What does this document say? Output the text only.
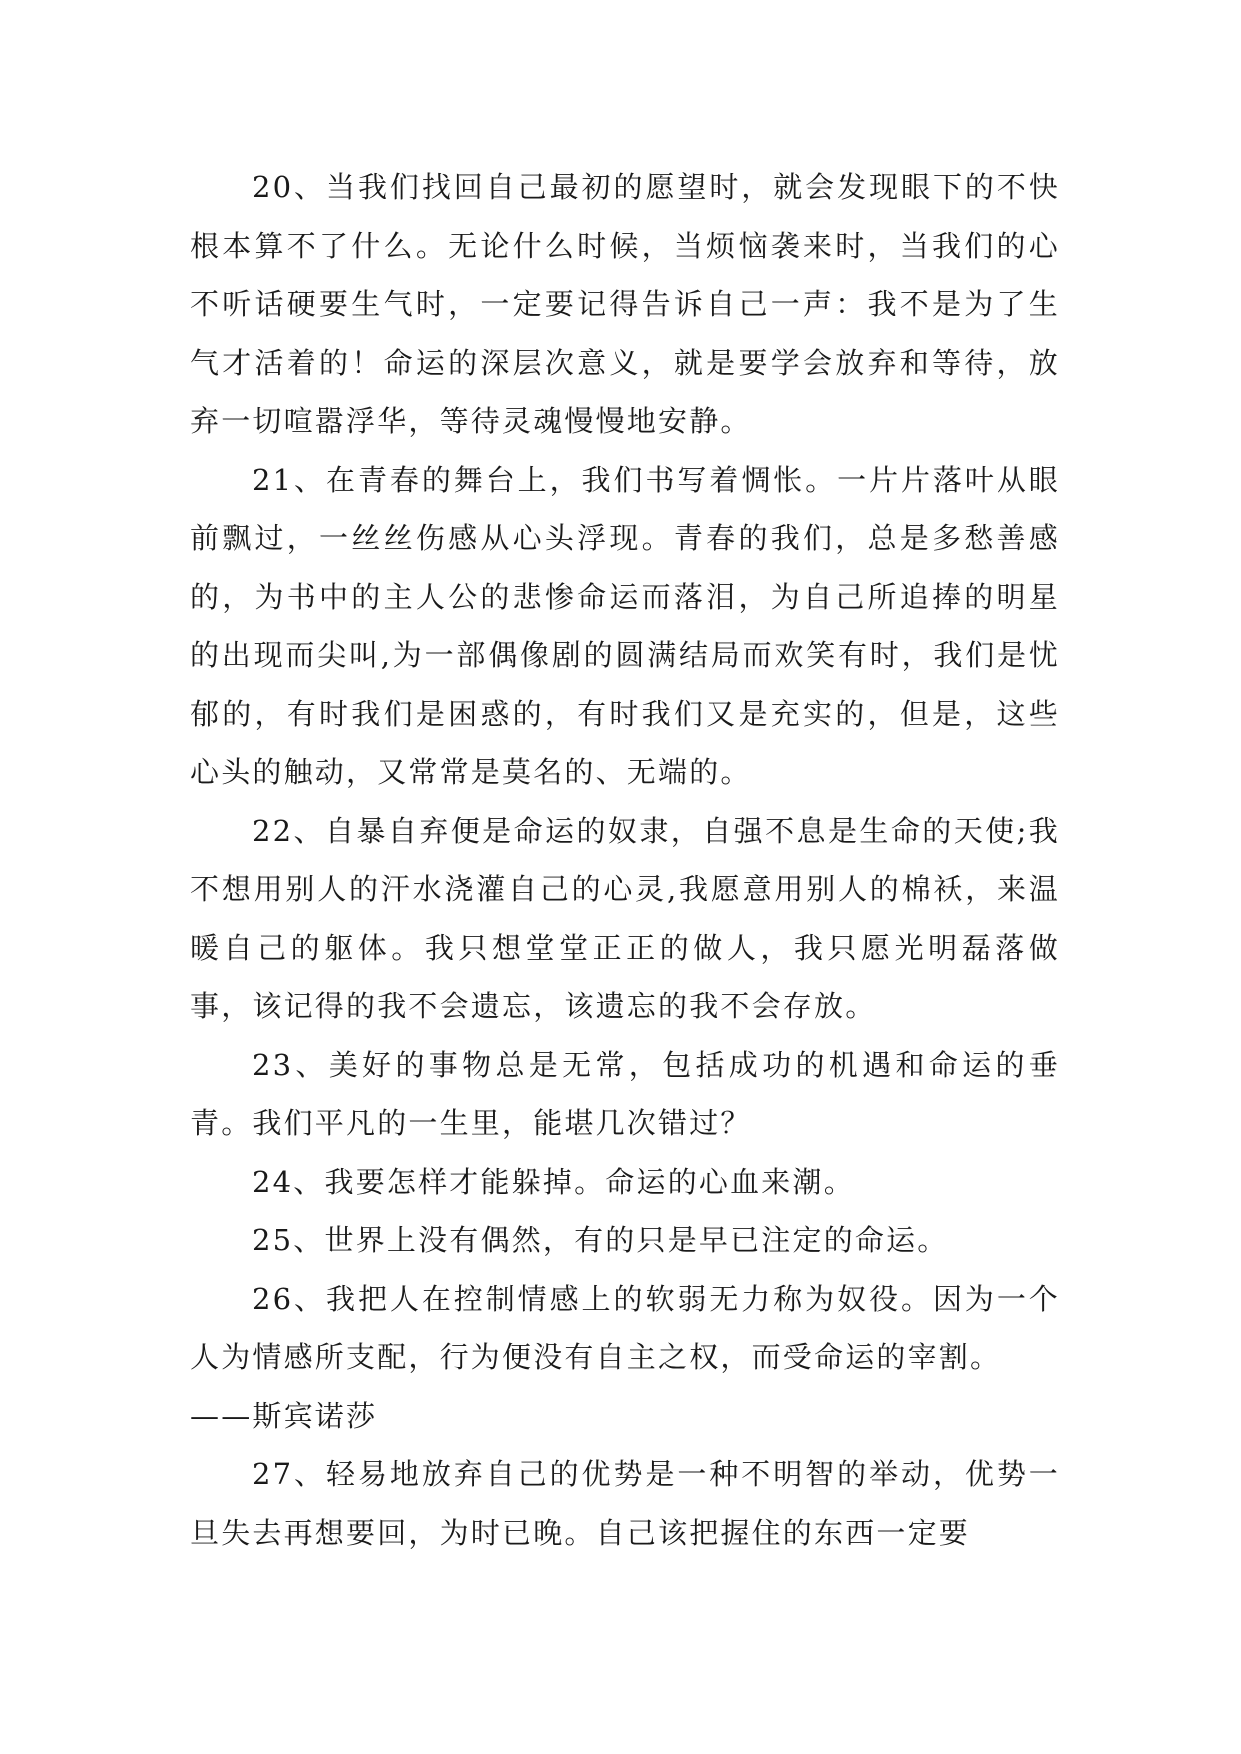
20、当我们找回自己最初的愿望时，就会发现眼下的不快根本算不了什么。无论什么时候，当烦恼袭来时，当我们的心不听话硬要生气时，一定要记得告诉自己一声：我不是为了生气才活着的！命运的深层次意义，就是要学会放弃和等待，放弃一切喧嚣浮华，等待灵魂慢慢地安静。

21、在青春的舞台上，我们书写着惆怅。一片片落叶从眼前飘过，一丝丝伤感从心头浮现。青春的我们，总是多愁善感的，为书中的主人公的悲惨命运而落泪，为自己所追捧的明星的出现而尖叫,为一部偶像剧的圆满结局而欢笑有时，我们是忧郁的，有时我们是困惑的，有时我们又是充实的，但是，这些心头的触动，又常常是莫名的、无端的。

22、自暴自弃便是命运的奴隶，自强不息是生命的天使;我不想用别人的汗水浇灌自己的心灵,我愿意用别人的棉袄，来温暖自己的躯体。我只想堂堂正正的做人，我只愿光明磊落做事，该记得的我不会遗忘，该遗忘的我不会存放。

23、美好的事物总是无常，包括成功的机遇和命运的垂青。我们平凡的一生里，能堪几次错过？

24、我要怎样才能躲掉。命运的心血来潮。

25、世界上没有偶然，有的只是早已注定的命运。

26、我把人在控制情感上的软弱无力称为奴役。因为一个人为情感所支配，行为便没有自主之权，而受命运的宰割。

——斯宾诺莎

27、轻易地放弃自己的优势是一种不明智的举动，优势一旦失去再想要回，为时已晚。自己该把握住的东西一定要
